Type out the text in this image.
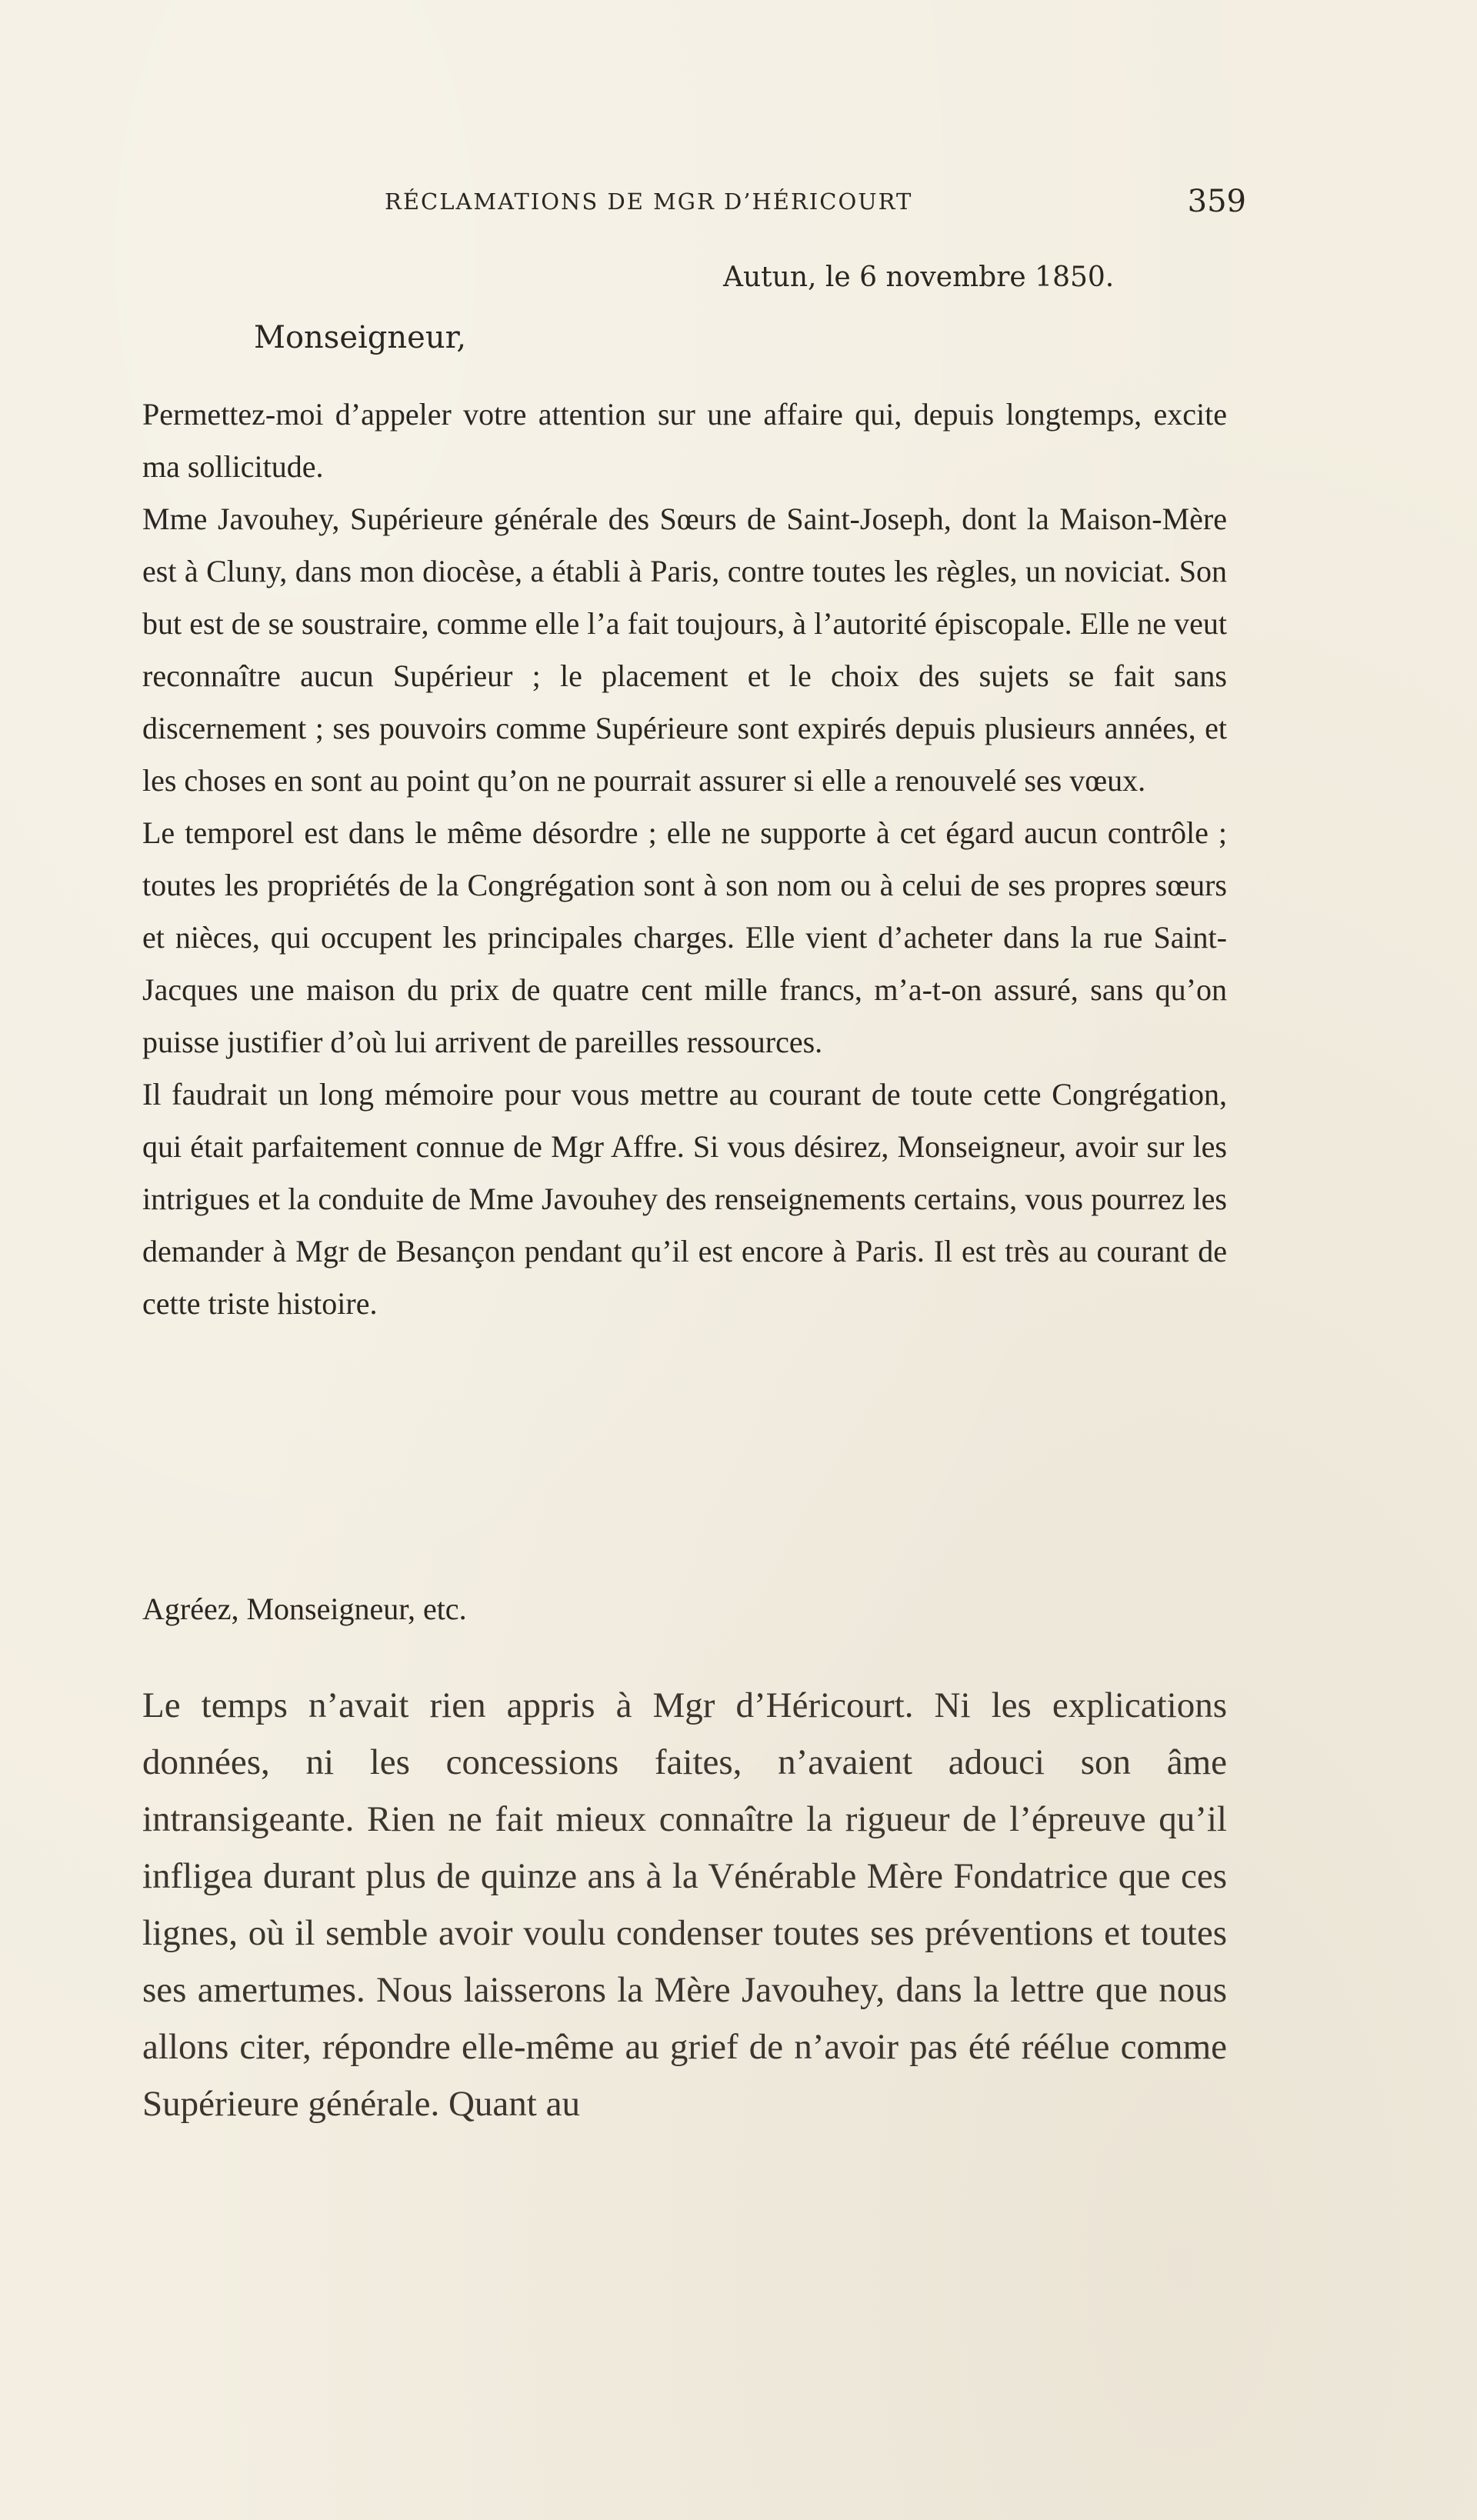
RÉCLAMATIONS DE MGR D’HÉRICOURT	359
Autun, le 6 novembre 1850.
Monseigneur,

Permettez-moi d’appeler votre attention sur une affaire qui, depuis longtemps, excite ma sollicitude.

Mme Javouhey, Supérieure générale des Sœurs de Saint-Joseph, dont la Maison-Mère est à Cluny, dans mon diocèse, a établi à Paris, contre toutes les règles, un noviciat. Son but est de se soustraire, comme elle l’a fait toujours, à l’autorité épiscopale. Elle ne veut reconnaître aucun Supérieur ; le placement et le choix des sujets se fait sans discernement ; ses pouvoirs comme Supérieure sont expirés depuis plusieurs années, et les choses en sont au point qu’on ne pourrait assurer si elle a renouvelé ses vœux.

Le temporel est dans le même désordre ; elle ne supporte à cet égard aucun contrôle ; toutes les propriétés de la Congrégation sont à son nom ou à celui de ses propres sœurs et nièces, qui occupent les principales charges. Elle vient d’acheter dans la rue Saint-Jacques une maison du prix de quatre cent mille francs, m’a-t-on assuré, sans qu’on puisse justifier d’où lui arrivent de pareilles ressources.

Il faudrait un long mémoire pour vous mettre au courant de toute cette Congrégation, qui était parfaitement connue de Mgr Affre. Si vous désirez, Monseigneur, avoir sur les intrigues et la conduite de Mme Javouhey des renseignements certains, vous pourrez les demander à Mgr de Besançon pendant qu’il est encore à Paris. Il est très au courant de cette triste histoire.

Agréez, Monseigneur, etc.

Le temps n’avait rien appris à Mgr d’Héricourt. Ni les explications données, ni les concessions faites, n’avaient adouci son âme intransigeante. Rien ne fait mieux connaître la rigueur de l’épreuve qu’il infligea durant plus de quinze ans à la Vénérable Mère Fondatrice que ces lignes, où il semble avoir voulu condenser toutes ses préventions et toutes ses amertumes. Nous laisserons la Mère Javouhey, dans la lettre que nous allons citer, répondre elle-même au grief de n’avoir pas été réélue comme Supérieure générale. Quant au
